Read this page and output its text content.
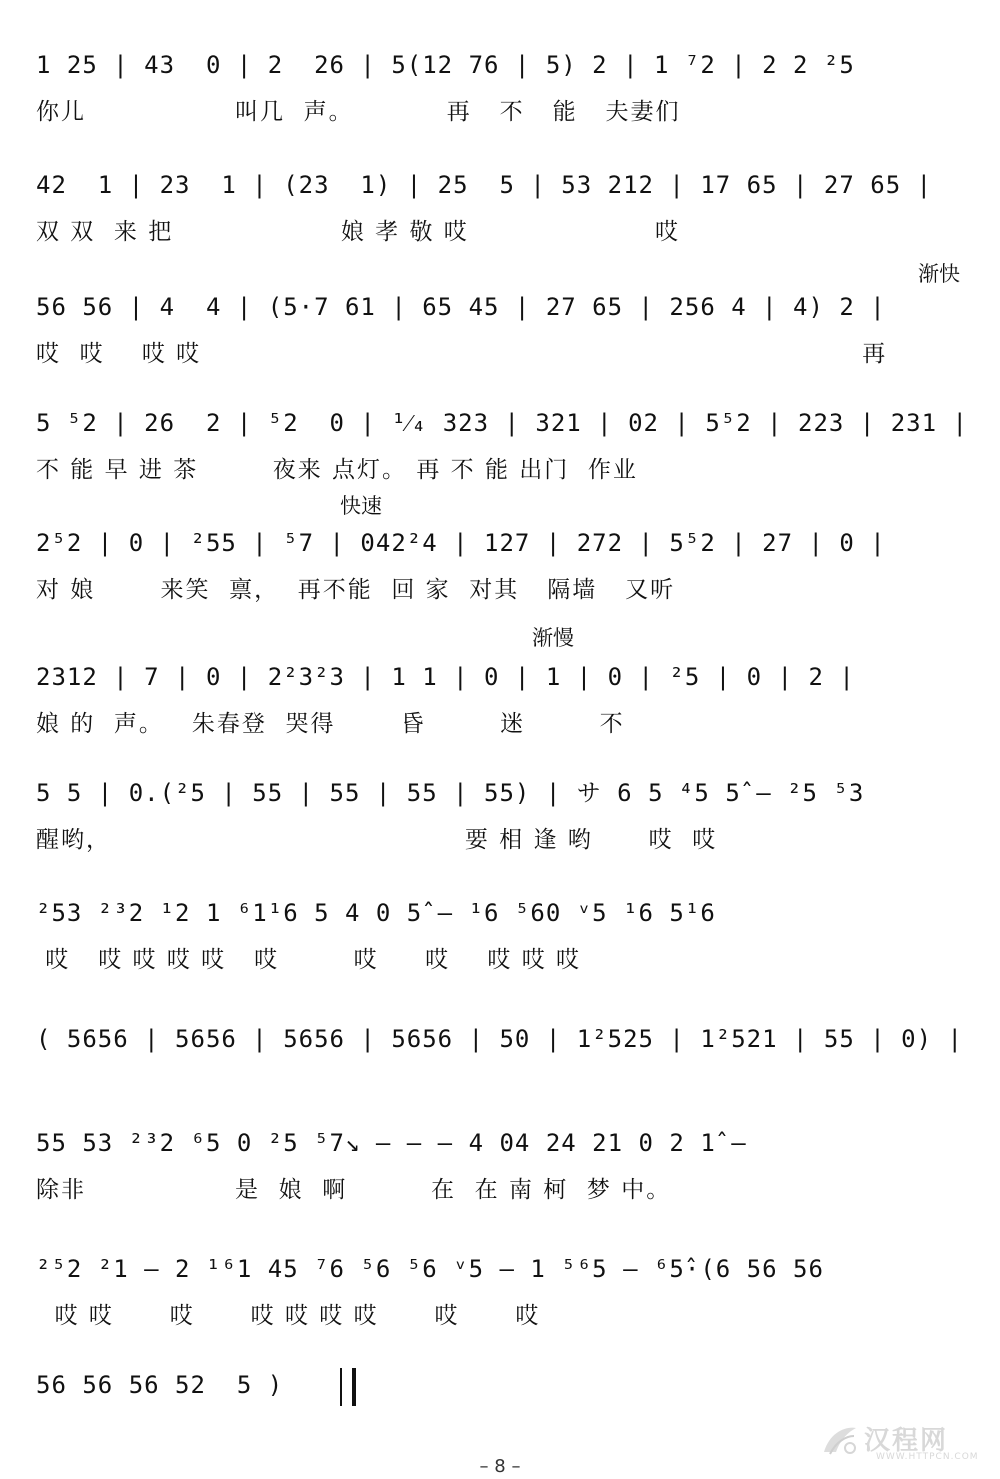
1 25 | 43  0 | 2  26 | 5(12 76 | 5) 2 | 1 ⁷2 | 2 2 ²5
你儿                叫几  声。          再   不   能   夫妻们
42  1 | 23  1 | (23  1) | 25  5 | 53 212 | 17 65 | 27 65 |
双 双  来 把                  娘 孝 敬 哎                    哎
渐快
56 56 | 4  4 | (5·7 61 | 65 45 | 27 65 | 256 4 | 4) 2 |
哎  哎    哎 哎                                                                       再
5 ⁵2 | 26  2 | ⁵2  0 | ¹⁄₄ 323 | 321 | 02 | 5⁵2 | 223 | 231 |
不 能 早 进 茶        夜来 点灯。 再 不 能 出门  作业
快速
2⁵2 | 0 | ²55 | ⁵7 | 042²4 | 127 | 272 | 5⁵2 | 27 | 0 |
对 娘       来笑  禀，  再不能  回 家  对其   隔墙   又听
渐慢
2312 | 7 | 0 | 2²3²3 | 1 1 | 0 | 1 | 0 | ²5 | 0 | 2 |
娘 的  声。   朱春登  哭得       昏        迷        不
5 5 | 0.(²5 | 55 | 55 | 55 | 55) | サ 6 5 ⁴5 5̂ — ²5 ⁵3
醒哟，                                      要 相 逢 哟      哎  哎
²53 ²³2 ¹2 1 ⁶1¹6 5 4 0 5̂ — ¹6 ⁵60 ᵛ5 ¹6 5¹6
哎   哎 哎 哎 哎   哎        哎     哎    哎 哎 哎
( 5656 | 5656 | 5656 | 5656 | 50 | 1²525 | 1²521 | 55 | 0) |
55 53 ²³2 ⁶5 0 ²5 ⁵7↘ — — — 4 04 24 21 0 2 1̂ —
除非                是  娘  啊         在  在 南 柯  梦 中。
²⁵2 ²1 — 2 ¹⁶1 45 ⁷6 ⁵6 ⁵6 ᵛ5 — 1 ⁵⁶5 — ⁶5̂·(6 56 56
哎 哎      哎      哎 哎 哎 哎      哎      哎
56 56 56 52  5 )
– 8 –
汉程网
WWW.HTTPCN.COM
